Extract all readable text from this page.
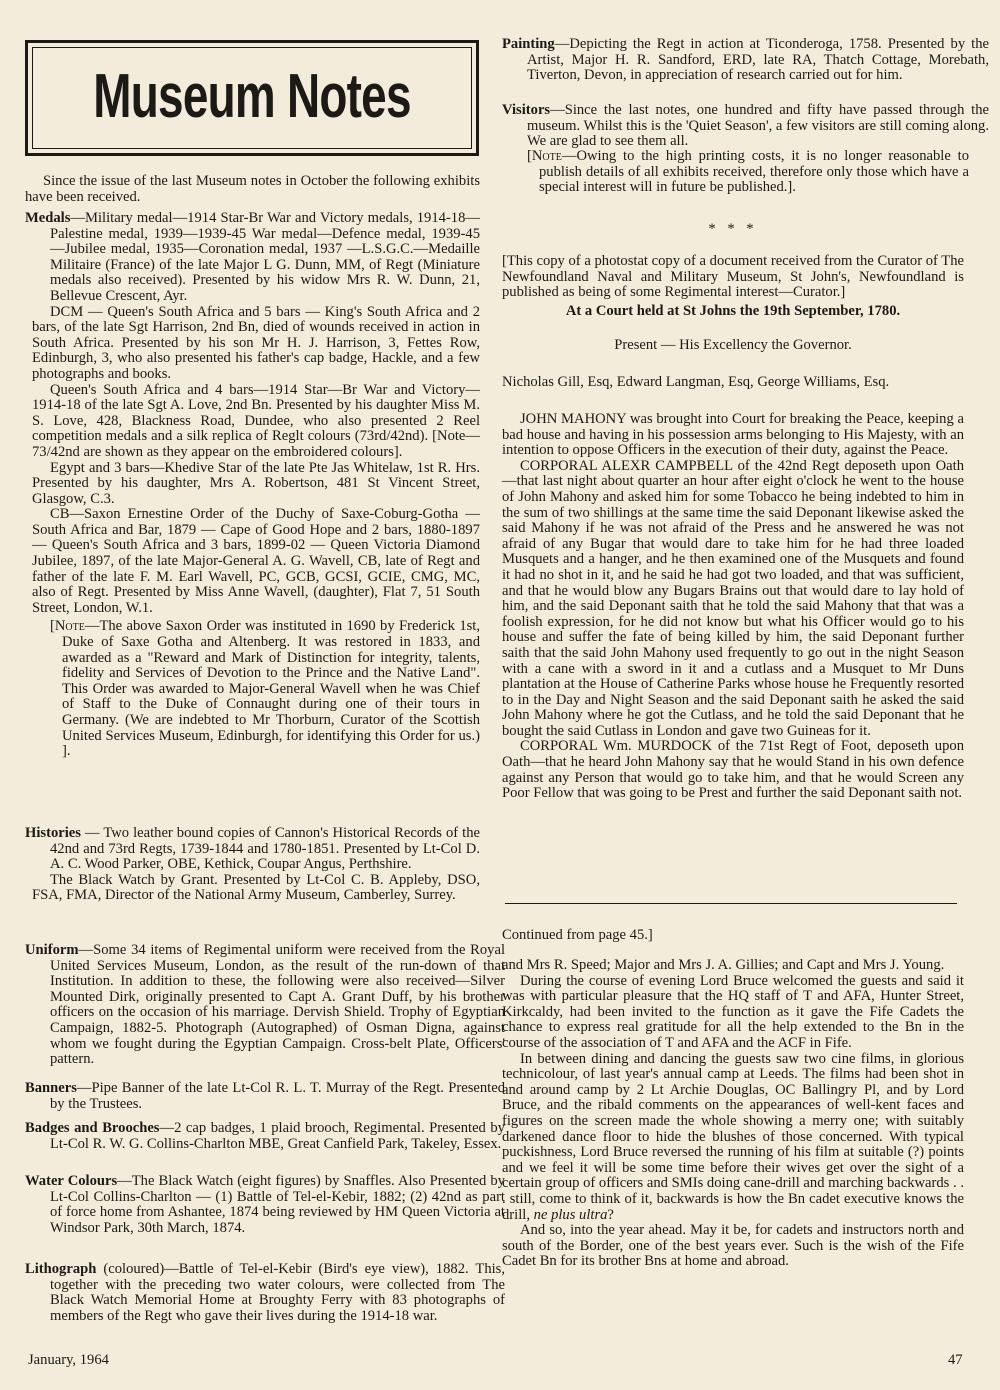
Museum Notes

Since the issue of the last Museum notes in October the following exhibits have been received.

Medals—Military medal—1914 Star-Br War and Victory medals, 1914-18—Palestine medal, 1939—1939-45 War medal—Defence medal, 1939-45—Jubilee medal, 1935—Coronation medal, 1937 —L.S.G.C.—Medaille Militaire (France) of the late Major L G. Dunn, MM, of Regt (Miniature medals also received). Presented by his widow Mrs R. W. Dunn, 21, Bellevue Crescent, Ayr.

DCM — Queen's South Africa and 5 bars — King's South Africa and 2 bars, of the late Sgt Harrison, 2nd Bn, died of wounds received in action in South Africa. Presented by his son Mr H. J. Harrison, 3, Fettes Row, Edinburgh, 3, who also presented his father's cap badge, Hackle, and a few photographs and books.

Queen's South Africa and 4 bars—1914 Star—Br War and Victory—1914-18 of the late Sgt A. Love, 2nd Bn. Presented by his daughter Miss M. S. Love, 428, Blackness Road, Dundee, who also presented 2 Reel competition medals and a silk replica of Reglt colours (73rd/42nd). [Note—73/42nd are shown as they appear on the embroidered colours].

Egypt and 3 bars—Khedive Star of the late Pte Jas Whitelaw, 1st R. Hrs. Presented by his daughter, Mrs A. Robertson, 481 St Vincent Street, Glasgow, C.3.

CB—Saxon Ernestine Order of the Duchy of Saxe-Coburg-Gotha — South Africa and Bar, 1879 — Cape of Good Hope and 2 bars, 1880-1897 — Queen's South Africa and 3 bars, 1899-02 — Queen Victoria Diamond Jubilee, 1897, of the late Major-General A. G. Wavell, CB, late of Regt and father of the late F. M. Earl Wavell, PC, GCB, GCSI, GCIE, CMG, MC, also of Regt. Presented by Miss Anne Wavell, (daughter), Flat 7, 51 South Street, London, W.1.

[Note—The above Saxon Order was instituted in 1690 by Frederick 1st, Duke of Saxe Gotha and Altenberg. It was restored in 1833, and awarded as a "Reward and Mark of Distinction for integrity, talents, fidelity and Services of Devotion to the Prince and the Native Land". This Order was awarded to Major-General Wavell when he was Chief of Staff to the Duke of Connaught during one of their tours in Germany. (We are indebted to Mr Thorburn, Curator of the Scottish United Services Museum, Edinburgh, for identifying this Order for us.) ].

Histories — Two leather bound copies of Cannon's Historical Records of the 42nd and 73rd Regts, 1739-1844 and 1780-1851. Presented by Lt-Col D. A. C. Wood Parker, OBE, Kethick, Coupar Angus, Perthshire.

The Black Watch by Grant. Presented by Lt-Col C. B. Appleby, DSO, FSA, FMA, Director of the National Army Museum, Camberley, Surrey.

Uniform—Some 34 items of Regimental uniform were received from the Royal United Services Museum, London, as the result of the run-down of that Institution. In addition to these, the following were also received—Silver Mounted Dirk, originally presented to Capt A. Grant Duff, by his brother officers on the occasion of his marriage. Dervish Shield. Trophy of Egyptian Campaign, 1882-5. Photograph (Autographed) of Osman Digna, against whom we fought during the Egyptian Campaign. Cross-belt Plate, Officers' pattern.

Banners—Pipe Banner of the late Lt-Col R. L. T. Murray of the Regt. Presented by the Trustees.

Badges and Brooches—2 cap badges, 1 plaid brooch, Regimental. Presented by Lt-Col R. W. G. Collins-Charlton MBE, Great Canfield Park, Takeley, Essex.

Water Colours—The Black Watch (eight figures) by Snaffles. Also Presented by Lt-Col Collins-Charlton — (1) Battle of Tel-el-Kebir, 1882; (2) 42nd as part of force home from Ashantee, 1874 being reviewed by HM Queen Victoria at Windsor Park, 30th March, 1874.

Lithograph (coloured)—Battle of Tel-el-Kebir (Bird's eye view), 1882. This, together with the preceding two water colours, were collected from The Black Watch Memorial Home at Broughty Ferry with 83 photographs of members of the Regt who gave their lives during the 1914-18 war.

Painting—Depicting the Regt in action at Ticonderoga, 1758. Presented by the Artist, Major H. R. Sandford, ERD, late RA, Thatch Cottage, Morebath, Tiverton, Devon, in appreciation of research carried out for him.

Visitors—Since the last notes, one hundred and fifty have passed through the museum. Whilst this is the 'Quiet Season', a few visitors are still coming along. We are glad to see them all.

[Note—Owing to the high printing costs, it is no longer reasonable to publish details of all exhibits received, therefore only those which have a special interest will in future be published.].

* * *

[This copy of a photostat copy of a document received from the Curator of The Newfoundland Naval and Military Museum, St John's, Newfoundland is published as being of some Regimental interest—Curator.]

At a Court held at St Johns the 19th September, 1780.

Present — His Excellency the Governor.

Nicholas Gill, Esq, Edward Langman, Esq, George Williams, Esq.

JOHN MAHONY was brought into Court for breaking the Peace, keeping a bad house and having in his possession arms belonging to His Majesty, with an intention to oppose Officers in the execution of their duty, against the Peace.

CORPORAL ALEXR CAMPBELL of the 42nd Regt deposeth upon Oath—that last night about quarter an hour after eight o'clock he went to the house of John Mahony and asked him for some Tobacco he being indebted to him in the sum of two shillings at the same time the said Deponant likewise asked the said Mahony if he was not afraid of the Press and he answered he was not afraid of any Bugar that would dare to take him for he had three loaded Musquets and a hanger, and he then examined one of the Musquets and found it had no shot in it, and he said he had got two loaded, and that was sufficient, and that he would blow any Bugars Brains out that would dare to lay hold of him, and the said Deponant saith that he told the said Mahony that that was a foolish expression, for he did not know but what his Officer would go to his house and suffer the fate of being killed by him, the said Deponant further saith that the said John Mahony used frequently to go out in the night Season with a cane with a sword in it and a cutlass and a Musquet to Mr Duns plantation at the House of Catherine Parks whose house he Frequently resorted to in the Day and Night Season and the said Deponant saith he asked the said John Mahony where he got the Cutlass, and he told the said Deponant that he bought the said Cutlass in London and gave two Guineas for it.

CORPORAL Wm. MURDOCK of the 71st Regt of Foot, deposeth upon Oath—that he heard John Mahony say that he would Stand in his own defence against any Person that would go to take him, and that he would Screen any Poor Fellow that was going to be Prest and further the said Deponant saith not.

Continued from page 45.]

and Mrs R. Speed; Major and Mrs J. A. Gillies; and Capt and Mrs J. Young.

During the course of evening Lord Bruce welcomed the guests and said it was with particular pleasure that the HQ staff of T and AFA, Hunter Street, Kirkcaldy, had been invited to the function as it gave the Fife Cadets the chance to express real gratitude for all the help extended to the Bn in the course of the association of T and AFA and the ACF in Fife.

In between dining and dancing the guests saw two cine films, in glorious technicolour, of last year's annual camp at Leeds. The films had been shot in and around camp by 2 Lt Archie Douglas, OC Ballingry Pl, and by Lord Bruce, and the ribald comments on the appearances of well-kent faces and figures on the screen made the whole showing a merry one; with suitably darkened dance floor to hide the blushes of those concerned. With typical puckishness, Lord Bruce reversed the running of his film at suitable (?) points and we feel it will be some time before their wives get over the sight of a certain group of officers and SMIs doing cane-drill and marching backwards . . . still, come to think of it, backwards is how the Bn cadet executive knows the drill, ne plus ultra?

And so, into the year ahead. May it be, for cadets and instructors north and south of the Border, one of the best years ever. Such is the wish of the Fife Cadet Bn for its brother Bns at home and abroad.

January, 1964	47
